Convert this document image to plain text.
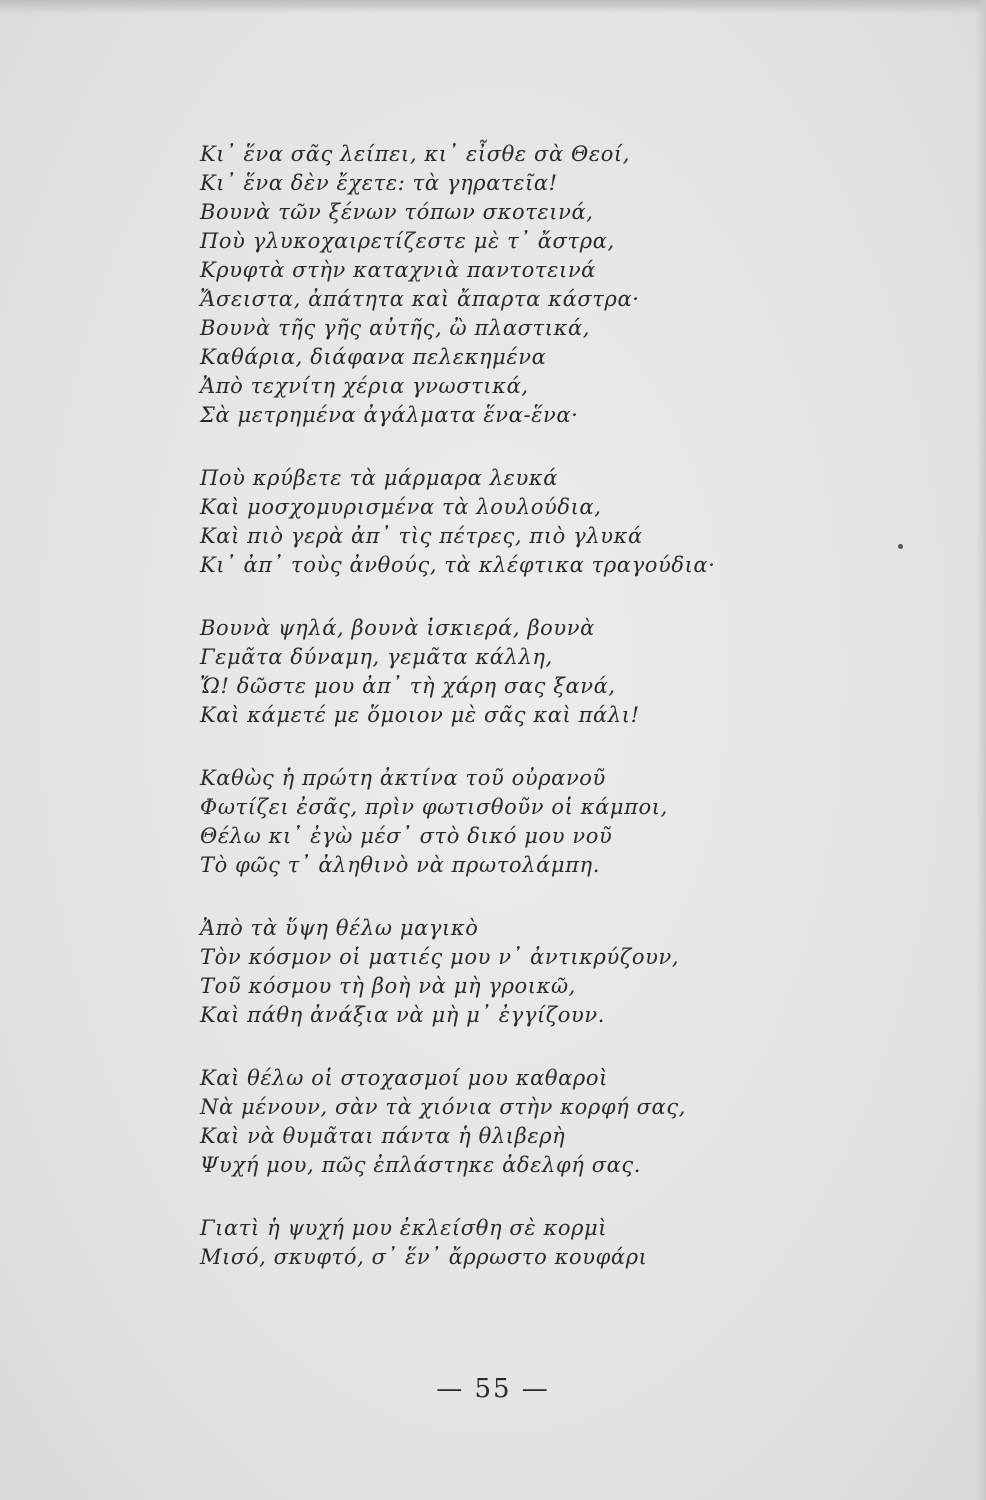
Κι᾿ ἕνα σᾶς λείπει, κι᾿ εἶσθε σὰ Θεοί,
Κι᾿ ἕνα δὲν ἔχετε: τὰ γηρατεῖα!
Βουνὰ τῶν ξένων τόπων σκοτεινά,
Ποὺ γλυκοχαιρετίζεστε μὲ τ᾿ ἄστρα,
Κρυφτὰ στὴν καταχνιὰ παντοτεινά
Ἄσειστα, ἀπάτητα καὶ ἄπαρτα κάστρα·
Βουνὰ τῆς γῆς αὐτῆς, ὢ πλαστικά,
Καθάρια, διάφανα πελεκημένα
Ἀπὸ τεχνίτη χέρια γνωστικά,
Σὰ μετρημένα ἀγάλματα ἕνα-ἕνα·
Ποὺ κρύβετε τὰ μάρμαρα λευκά
Καὶ μοσχομυρισμένα τὰ λουλούδια,
Καὶ πιὸ γερὰ ἀπ᾿ τὶς πέτρες, πιὸ γλυκά
Κι᾿ ἀπ᾿ τοὺς ἀνθούς, τὰ κλέφτικα τραγούδια·
Βουνὰ ψηλά, βουνὰ ἰσκιερά, βουνὰ
Γεμᾶτα δύναμη, γεμᾶτα κάλλη,
Ὤ! δῶστε μου ἀπ᾿ τὴ χάρη σας ξανά,
Καὶ κάμετέ με ὅμοιον μὲ σᾶς καὶ πάλι!
Καθὼς ἡ πρώτη ἀκτίνα τοῦ οὐρανοῦ
Φωτίζει ἐσᾶς, πρὶν φωτισθοῦν οἱ κάμποι,
Θέλω κι᾿ ἐγὼ μέσ᾿ στὸ δικό μου νοῦ
Τὸ φῶς τ᾿ ἀληθινὸ νὰ πρωτολάμπη.
Ἀπὸ τὰ ὕψη θέλω μαγικὸ
Τὸν κόσμον οἱ ματιές μου ν᾿ ἀντικρύζουν,
Τοῦ κόσμου τὴ βοὴ νὰ μὴ γροικῶ,
Καὶ πάθη ἀνάξια νὰ μὴ μ᾿ ἐγγίζουν.
Καὶ θέλω οἱ στοχασμοί μου καθαροὶ
Νὰ μένουν, σὰν τὰ χιόνια στὴν κορφή σας,
Καὶ νὰ θυμᾶται πάντα ἡ θλιβερὴ
Ψυχή μου, πῶς ἐπλάστηκε ἀδελφή σας.
Γιατὶ ἡ ψυχή μου ἐκλείσθη σὲ κορμὶ
Μισό, σκυφτό, σ᾿ ἕν᾿ ἄρρωστο κουφάρι
— 55 —
